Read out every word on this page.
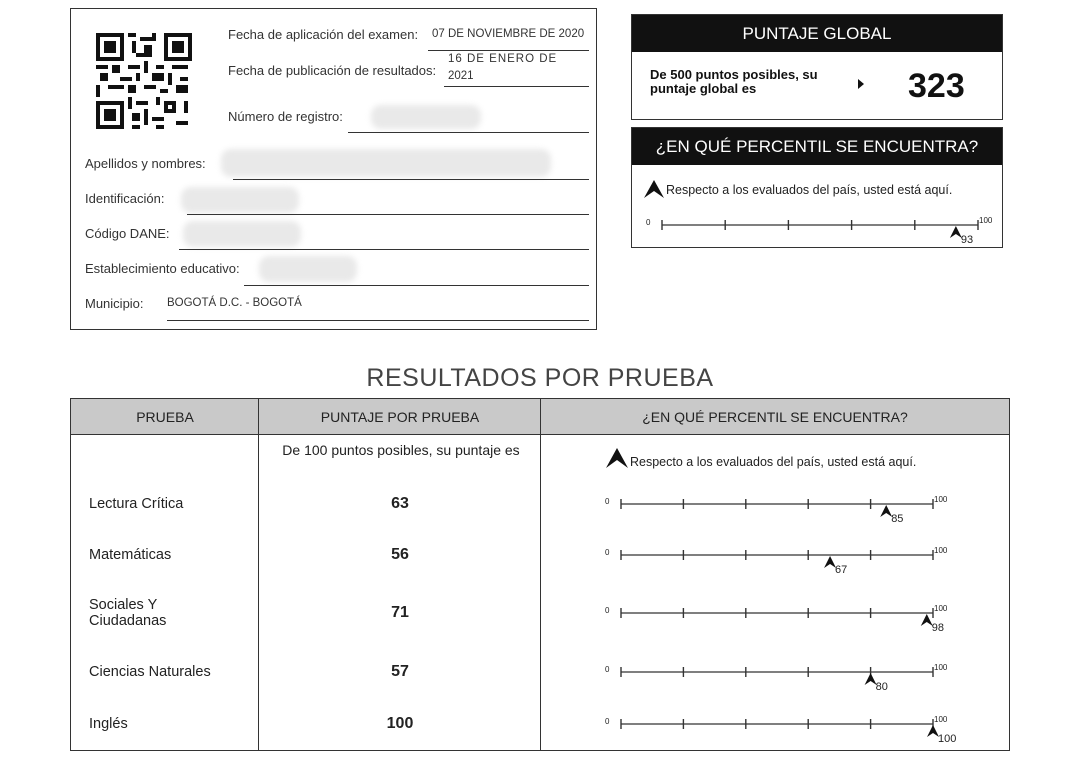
Fecha de aplicación del examen: 07 DE NOVIEMBRE DE 2020
Fecha de publicación de resultados:
16 DE ENERO DE
2021
Número de registro:
Apellidos y nombres:
Identificación:
Código DANE:
Establecimiento educativo:
Municipio: BOGOTÁ D.C. - BOGOTÁ
PUNTAJE GLOBAL
De 500 puntos posibles, su
puntaje global es	323
¿EN QUÉ PERCENTIL SE ENCUENTRA?
Respecto a los evaluados del país, usted está aquí.
0	100
93
RESULTADOS POR PRUEBA
PRUEBA	PUNTAJE POR PRUEBA	¿EN QUÉ PERCENTIL SE ENCUENTRA?
De 100 puntos posibles, su puntaje es
Respecto a los evaluados del país, usted está aquí.
Lectura Crítica	63	0	100
85
Matemáticas	56	0	100
67
Sociales Y
Ciudadanas	71	0	100
98
Ciencias Naturales	57	0	100
80
Inglés	100	0	100
100
